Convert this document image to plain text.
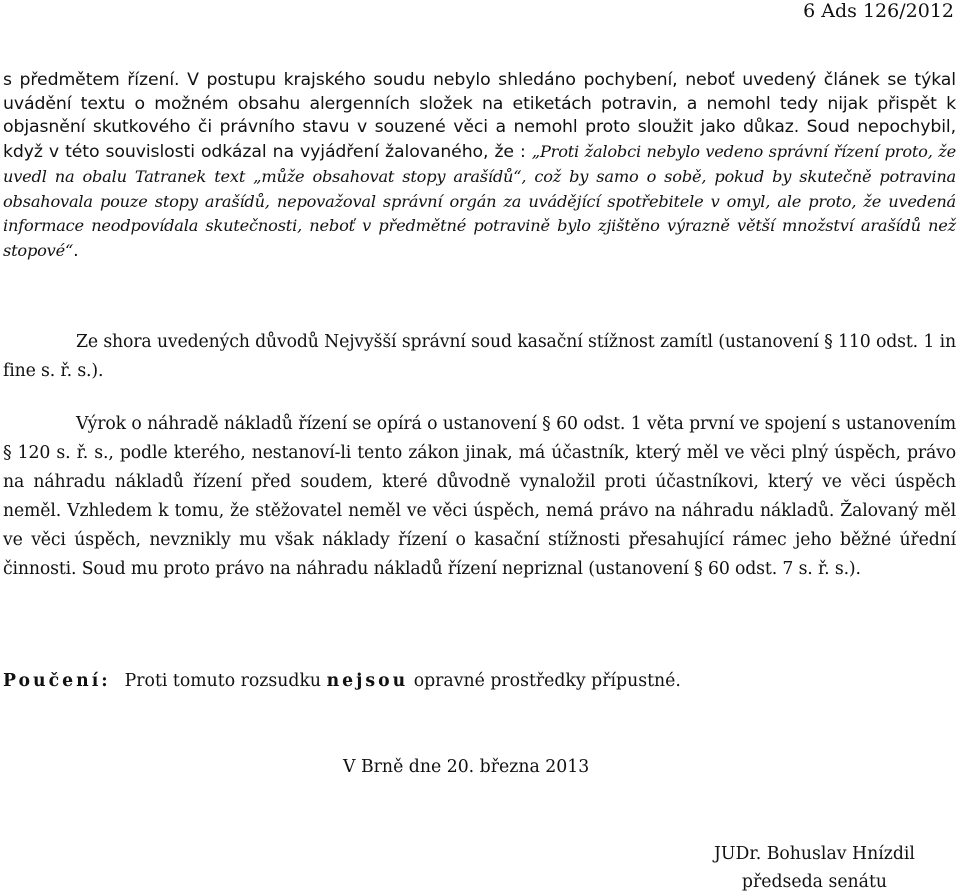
6 Ads 126/2012
s předmětem řízení. V postupu krajského soudu nebylo shledáno pochybení, neboť uvedený článek se týkal uvádění textu o možném obsahu alergenních složek na etiketách potravin, a nemohl tedy nijak přispět k objasnění skutkového či právního stavu v souzené věci a nemohl proto sloužit jako důkaz. Soud nepochybil, když v této souvislosti odkázal na vyjádření žalovaného, že : „Proti žalobci nebylo vedeno správní řízení proto, že uvedl na obalu Tatranek text „může obsahovat stopy arašídů“, což by samo o sobě, pokud by skutečně potravina obsahovala pouze stopy arašídů, nepovažoval správní orgán za uvádějící spotřebitele v omyl, ale proto, že uvedená informace neodpovídala skutečnosti, neboť v předmětné potravině bylo zjištěno výrazně větší množství arašídů než stopové“.
Ze shora uvedených důvodů Nejvyšší správní soud kasační stížnost zamítl (ustanovení § 110 odst. 1 in fine s. ř. s.).
Výrok o náhradě nákladů řízení se opírá o ustanovení § 60 odst. 1 věta první ve spojení s ustanovením § 120 s. ř. s., podle kterého, nestanoví-li tento zákon jinak, má účastník, který měl ve věci plný úspěch, právo na náhradu nákladů řízení před soudem, které důvodně vynaložil proti účastníkovi, který ve věci úspěch neměl. Vzhledem k tomu, že stěžovatel neměl ve věci úspěch, nemá právo na náhradu nákladů. Žalovaný měl ve věci úspěch, nevznikly mu však náklady řízení o kasační stížnosti přesahující rámec jeho běžné úřední činnosti. Soud mu proto právo na náhradu nákladů řízení nepriznal (ustanovení § 60 odst. 7 s. ř. s.).
Poučení: Proti tomuto rozsudku nejsou opravné prostředky přípustné.
V Brně dne 20. března 2013
JUDr. Bohuslav Hnízdil
předseda senátu
